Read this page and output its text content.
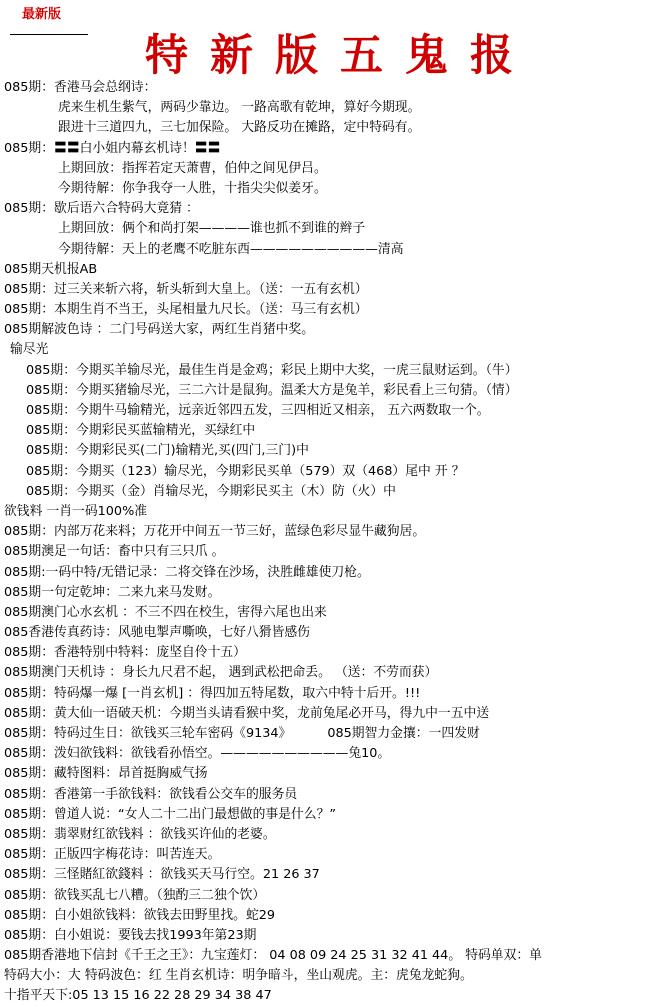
最新版
特新版五鬼报
085期：香港马会总纲诗：
虎来生机生紫气，两码少靠边。 一路高歌有乾坤，算好今期现。
跟进十三道四九，三七加保险。 大路反功在摊路，定中特码有。
085期：〓〓白小姐内幕玄机诗！〓〓
上期回放：指挥若定天萧曹，伯仲之间见伊吕。
今期待解：你争我夺一人胜，十指尖尖似姜牙。
085期：歇后语六合特码大竟猜 ：
上期回放：俩个和尚打架————谁也抓不到谁的辫子
今期待解：天上的老鹰不吃脏东西——————————清高
085期天机报AB
085期：过三关来斩六将，斩头斩到大皇上。（送：一五有玄机）
085期：本期生肖不当王，头尾相量九尺长。（送：马三有玄机）
085期解波色诗 ：二门号码送大家，两红生肖猪中奖。
输尽光
085期：今期买羊输尽光，最佳生肖是金鸡；彩民上期中大奖，一虎三鼠财运到。（牛）
085期：今期买猪输尽光，三二六计是鼠狗。温柔大方是兔羊，彩民看上三句猜。（情）
085期：今期牛马输精光，远亲近邻四五发，三四相近又相亲， 五六两数取一个。
085期：今期彩民买蓝输精光，买绿红中
085期：今期彩民买(二门)输精光,买(四门,三门)中
085期：今期买（123）输尽光，今期彩民买单（579）双（468）尾中 开 ？
085期：今期买（金）肖输尽光，今期彩民买主（木）防（火）中
欲钱料 一肖一码100%准
085期：内部万花来料；万花开中间五一节三好，蓝绿色彩尽显牛藏狗居。
085期澳足一句话：畜中只有三只爪 。
085期:一码中特/无错记录：二将交锋在沙场，決胜雌雄使刀枪。
085期一句定乾坤：二来九来马发财。
085期澳门心水玄机 ：不三不四在校生，害得六尾也出来
085香港传真药诗：风驰电掣声嘶唤，七好八猾皆感伤
085期：香港特别中特料：庞坚自伶十五）
085期澳门天机诗 ：身长九尺君不起， 遇到武松把命丢。 （送：不劳而获）
085期：特码爆一爆 [一肖玄机] ：得四加五特尾数，取六中特十后开。!!!
085期：黄大仙一语破天机：今期当头请看猴中奖，龙前兔尾必开马，得九中一五中送
085期：特码过生日：欲钱买三轮车密码《9134》	085期智力金攘：一四发财
085期：泼妇欲钱料：欲钱看孙悟空。——————————兔10。
085期：藏特图料：昂首挺胸威气扬
085期：香港第一手欲钱料：欲钱看公交车的服务员
085期：曾道人说：“女人二十二出门最想做的事是什么？”
085期：翡翠财红欲钱料 ：欲钱买许仙的老婆。
085期：正版四字梅花诗：叫苦连天。
085期：三怪賭紅欲錢料 ：欲钱买天马行空。21 26 37
085期：欲钱买乱七八糟。（独酌三二独个饮）
085期：白小姐欲钱料：欲钱去田野里找。蛇29
085期：白小姐说：要钱去找1993年第23期
085期香港地下信封《千王之王》：九宝莲灯： 04 08 09 24 25 31 32 41 44。 特码单双：单
特码大小：大 特码波色：红 生肖玄机诗：明争暗斗，坐山观虎。主：虎兔龙蛇狗。
十指平天下:05 13 15 16 22 28 29 34 38 47
